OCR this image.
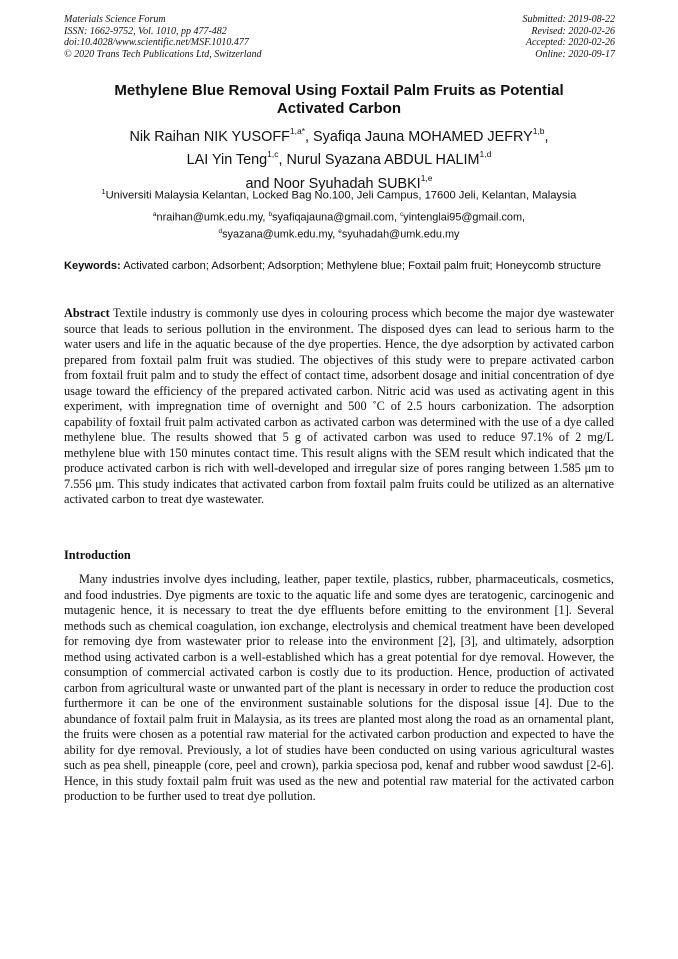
Materials Science Forum
ISSN: 1662-9752, Vol. 1010, pp 477-482
doi:10.4028/www.scientific.net/MSF.1010.477
© 2020 Trans Tech Publications Ltd, Switzerland
Submitted: 2019-08-22
Revised: 2020-02-26
Accepted: 2020-02-26
Online: 2020-09-17
Methylene Blue Removal Using Foxtail Palm Fruits as Potential
Activated Carbon
Nik Raihan NIK $YUSOFF^{1,a*}$, Syafiqa Jauna MOHAMED JEFRY$^{1,b}$,
LAI Yin Teng$^{1,c}$, Nurul Syazana ABDUL HALIM$^{1,d}$
and Noor Syuhadah SUBKI$^{1,e}$
$^1$Universiti Malaysia Kelantan, Locked Bag No.100, Jeli Campus, 17600 Jeli, Kelantan, Malaysia
$^a$nraihan@umk.edu.my, $^b$syafiqajauna@gmail.com, $^c$yintenglai95@gmail.com,
$^d$syazana@umk.edu.my, $^e$syuhadah@umk.edu.my
Keywords: Activated carbon; Adsorbent; Adsorption; Methylene blue; Foxtail palm fruit; Honeycomb structure
Abstract Textile industry is commonly use dyes in colouring process which become the major dye wastewater source that leads to serious pollution in the environment. The disposed dyes can lead to serious harm to the water users and life in the aquatic because of the dye properties. Hence, the dye adsorption by activated carbon prepared from foxtail palm fruit was studied. The objectives of this study were to prepare activated carbon from foxtail fruit palm and to study the effect of contact time, adsorbent dosage and initial concentration of dye usage toward the efficiency of the prepared activated carbon. Nitric acid was used as activating agent in this experiment, with impregnation time of overnight and 500 ˚C of 2.5 hours carbonization. The adsorption capability of foxtail fruit palm activated carbon as activated carbon was determined with the use of a dye called methylene blue. The results showed that 5 g of activated carbon was used to reduce 97.1% of 2 mg/L methylene blue with 150 minutes contact time. This result aligns with the SEM result which indicated that the produce activated carbon is rich with well-developed and irregular size of pores ranging between 1.585 μm to 7.556 μm. This study indicates that activated carbon from foxtail palm fruits could be utilized as an alternative activated carbon to treat dye wastewater.
Introduction
Many industries involve dyes including, leather, paper textile, plastics, rubber, pharmaceuticals, cosmetics, and food industries. Dye pigments are toxic to the aquatic life and some dyes are teratogenic, carcinogenic and mutagenic hence, it is necessary to treat the dye effluents before emitting to the environment [1]. Several methods such as chemical coagulation, ion exchange, electrolysis and chemical treatment have been developed for removing dye from wastewater prior to release into the environment [2], [3], and ultimately, adsorption method using activated carbon is a well-established which has a great potential for dye removal. However, the consumption of commercial activated carbon is costly due to its production. Hence, production of activated carbon from agricultural waste or unwanted part of the plant is necessary in order to reduce the production cost furthermore it can be one of the environment sustainable solutions for the disposal issue [4]. Due to the abundance of foxtail palm fruit in Malaysia, as its trees are planted most along the road as an ornamental plant, the fruits were chosen as a potential raw material for the activated carbon production and expected to have the ability for dye removal. Previously, a lot of studies have been conducted on using various agricultural wastes such as pea shell, pineapple (core, peel and crown), parkia speciosa pod, kenaf and rubber wood sawdust [2-6]. Hence, in this study foxtail palm fruit was used as the new and potential raw material for the activated carbon production to be further used to treat dye pollution.
